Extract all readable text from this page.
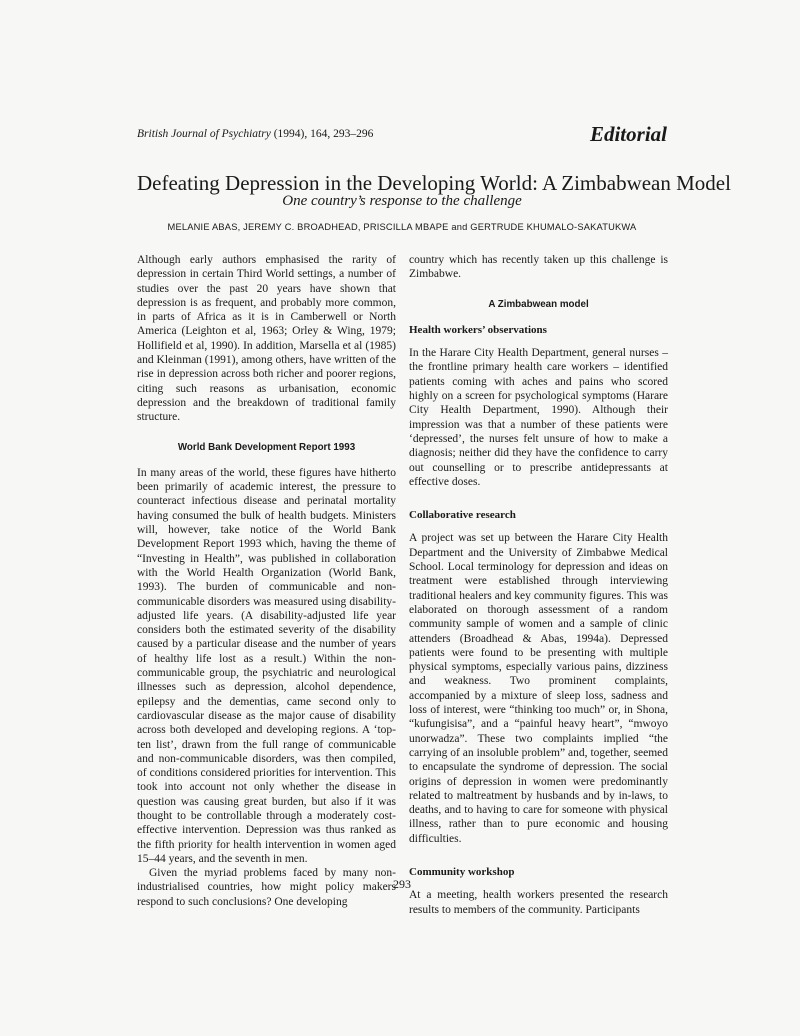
British Journal of Psychiatry (1994), 164, 293–296	Editorial
Defeating Depression in the Developing World: A Zimbabwean Model
One country’s response to the challenge
MELANIE ABAS, JEREMY C. BROADHEAD, PRISCILLA MBAPE and GERTRUDE KHUMALO-SAKATUKWA

Although early authors emphasised the rarity of depression in certain Third World settings, a number of studies over the past 20 years have shown that depression is as frequent, and probably more common, in parts of Africa as it is in Camberwell or North America (Leighton et al, 1963; Orley & Wing, 1979; Hollifield et al, 1990). In addition, Marsella et al (1985) and Kleinman (1991), among others, have written of the rise in depression across both richer and poorer regions, citing such reasons as urbanisation, economic depression and the breakdown of traditional family structure.

World Bank Development Report 1993

In many areas of the world, these figures have hitherto been primarily of academic interest, the pressure to counteract infectious disease and perinatal mortality having consumed the bulk of health budgets. Ministers will, however, take notice of the World Bank Development Report 1993 which, having the theme of “Investing in Health”, was published in collaboration with the World Health Organization (World Bank, 1993). The burden of communicable and non-communicable disorders was measured using disability-adjusted life years. (A disability-adjusted life year considers both the estimated severity of the disability caused by a particular disease and the number of years of healthy life lost as a result.) Within the non-communicable group, the psychiatric and neurological illnesses such as depression, alcohol dependence, epilepsy and the dementias, came second only to cardiovascular disease as the major cause of disability across both developed and developing regions. A ‘top-ten list’, drawn from the full range of communicable and non-communicable disorders, was then compiled, of conditions considered priorities for intervention. This took into account not only whether the disease in question was causing great burden, but also if it was thought to be controllable through a moderately cost-effective intervention. Depression was thus ranked as the fifth priority for health intervention in women aged 15–44 years, and the seventh in men.

Given the myriad problems faced by many non-industrialised countries, how might policy makers respond to such conclusions? One developing

country which has recently taken up this challenge is Zimbabwe.

A Zimbabwean model
Health workers’ observations

In the Harare City Health Department, general nurses – the frontline primary health care workers – identified patients coming with aches and pains who scored highly on a screen for psychological symptoms (Harare City Health Department, 1990). Although their impression was that a number of these patients were ‘depressed’, the nurses felt unsure of how to make a diagnosis; neither did they have the confidence to carry out counselling or to prescribe antidepressants at effective doses.

Collaborative research

A project was set up between the Harare City Health Department and the University of Zimbabwe Medical School. Local terminology for depression and ideas on treatment were established through interviewing traditional healers and key community figures. This was elaborated on thorough assessment of a random community sample of women and a sample of clinic attenders (Broadhead & Abas, 1994a). Depressed patients were found to be presenting with multiple physical symptoms, especially various pains, dizziness and weakness. Two prominent complaints, accompanied by a mixture of sleep loss, sadness and loss of interest, were “thinking too much” or, in Shona, “kufungisisa”, and a “painful heavy heart”, “mwoyo unorwadza”. These two complaints implied “the carrying of an insoluble problem” and, together, seemed to encapsulate the syndrome of depression. The social origins of depression in women were predominantly related to maltreatment by husbands and by in-laws, to deaths, and to having to care for someone with physical illness, rather than to pure economic and housing difficulties.

Community workshop

At a meeting, health workers presented the research results to members of the community. Participants

293
